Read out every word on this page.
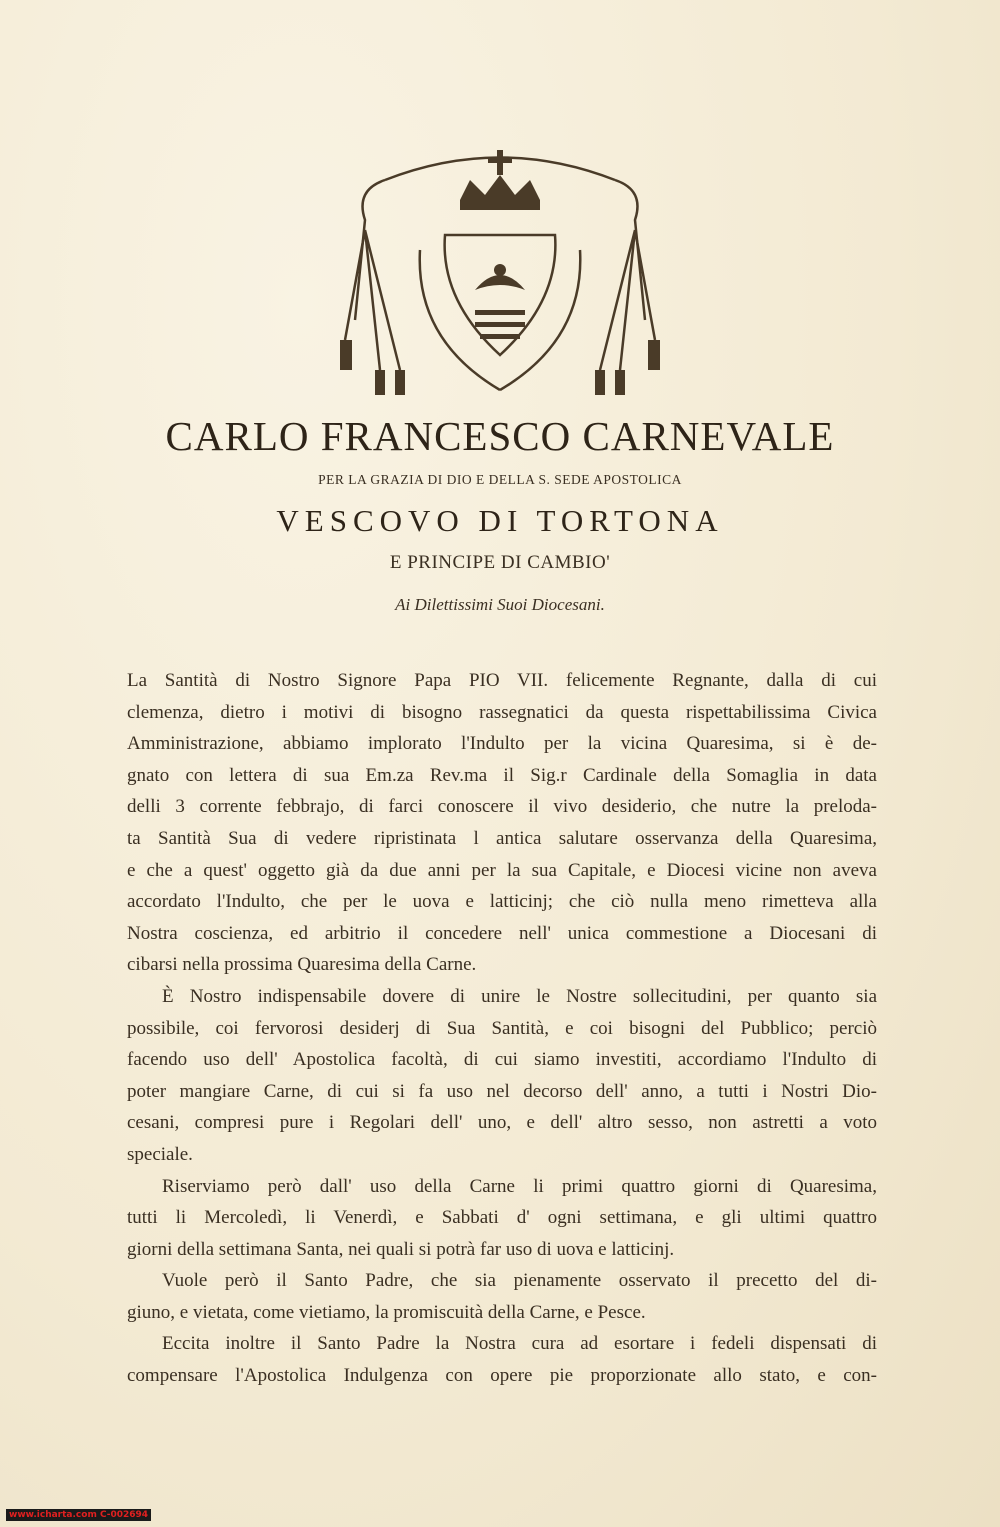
CARLO FRANCESCO CARNEVALE
PER LA GRAZIA DI DIO E DELLA S. SEDE APOSTOLICA
VESCOVO DI TORTONA
E PRINCIPE DI CAMBIO'
Ai Dilettissimi Suoi Diocesani.
La Santità di Nostro Signore Papa PIO VII. felicemente Regnante, dalla di cui
clemenza, dietro i motivi di bisogno rassegnatici da questa rispettabilissima Civica
Amministrazione, abbiamo implorato l'Indulto per la vicina Quaresima, si è de-
gnato con lettera di sua Em.za Rev.ma il Sig.r Cardinale della Somaglia in data
delli 3 corrente febbrajo, di farci conoscere il vivo desiderio, che nutre la preloda-
ta Santità Sua di vedere ripristinata l antica salutare osservanza della Quaresima,
e che a quest' oggetto già da due anni per la sua Capitale, e Diocesi vicine non aveva
accordato l'Indulto, che per le uova e latticinj; che ciò nulla meno rimetteva alla
Nostra coscienza, ed arbitrio il concedere nell' unica commestione a Diocesani di
cibarsi nella prossima Quaresima della Carne.
È Nostro indispensabile dovere di unire le Nostre sollecitudini, per quanto sia
possibile, coi fervorosi desiderj di Sua Santità, e coi bisogni del Pubblico; perciò
facendo uso dell' Apostolica facoltà, di cui siamo investiti, accordiamo l'Indulto di
poter mangiare Carne, di cui si fa uso nel decorso dell' anno, a tutti i Nostri Dio-
cesani, compresi pure i Regolari dell' uno, e dell' altro sesso, non astretti a voto
speciale.
Riserviamo però dall' uso della Carne li primi quattro giorni di Quaresima,
tutti li Mercoledì, li Venerdì, e Sabbati d' ogni settimana, e gli ultimi quattro
giorni della settimana Santa, nei quali si potrà far uso di uova e latticinj.
Vuole però il Santo Padre, che sia pienamente osservato il precetto del di-
giuno, e vietata, come vietiamo, la promiscuità della Carne, e Pesce.
Eccita inoltre il Santo Padre la Nostra cura ad esortare i fedeli dispensati di
compensare l'Apostolica Indulgenza con opere pie proporzionate allo stato, e con-
www.icharta.com C-002694
